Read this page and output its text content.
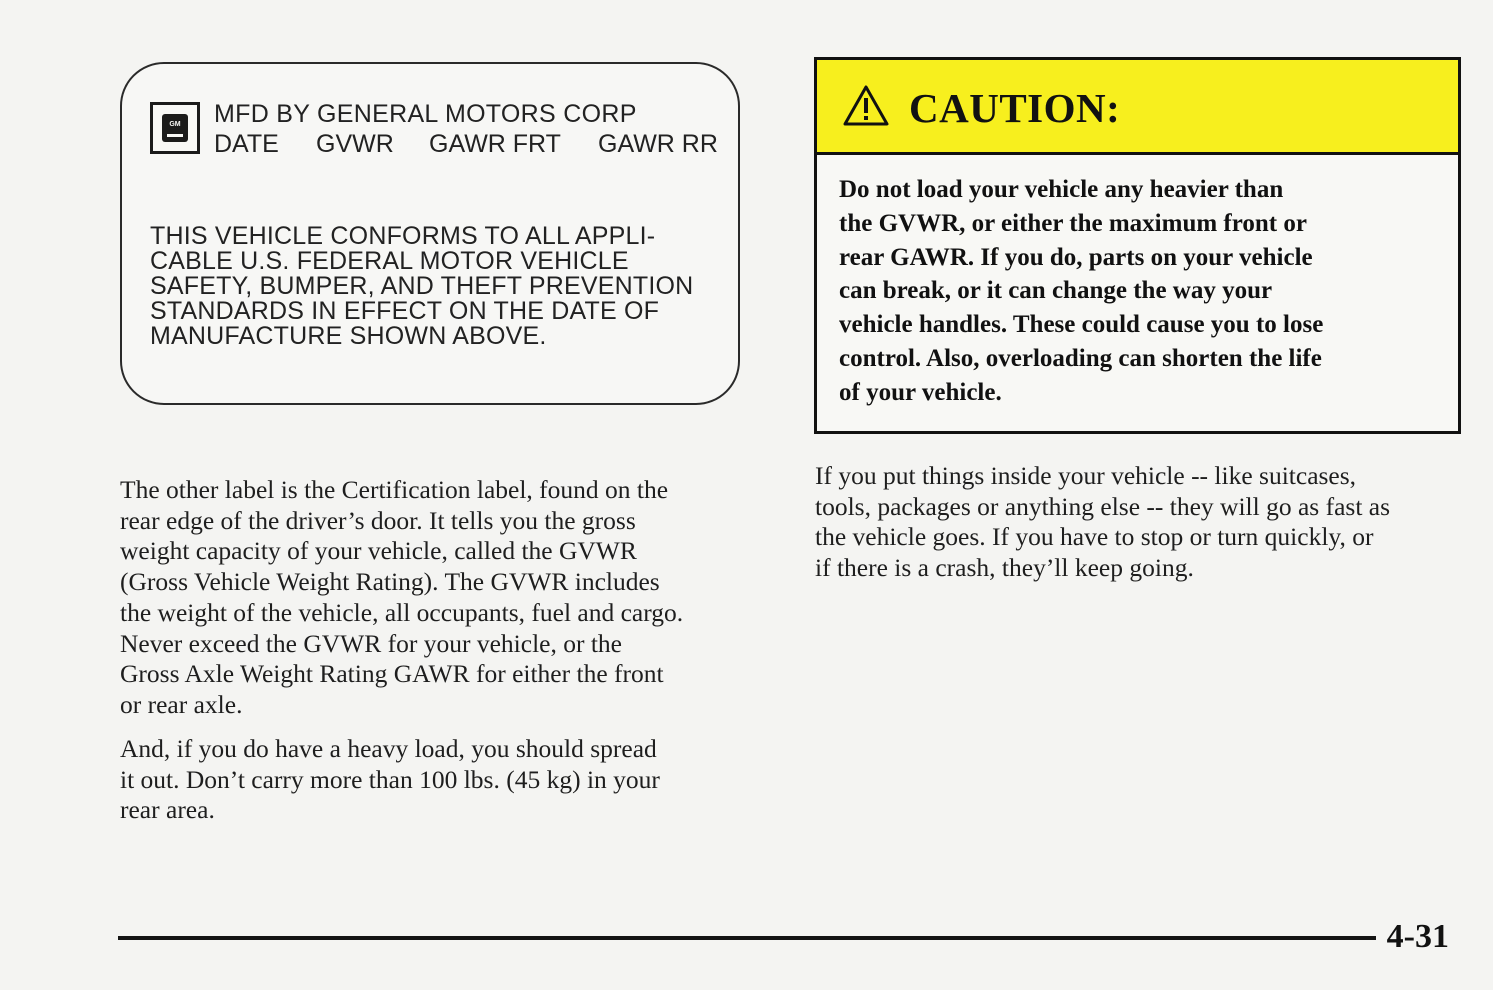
GM MFD BY GENERAL MOTORS CORP
DATE GVWR GAWR FRT GAWR RR
THIS VEHICLE CONFORMS TO ALL APPLI-
CABLE U.S. FEDERAL MOTOR VEHICLE
SAFETY, BUMPER, AND THEFT PREVENTION
STANDARDS IN EFFECT ON THE DATE OF
MANUFACTURE SHOWN ABOVE.
CAUTION:
Do not load your vehicle any heavier than
the GVWR, or either the maximum front or
rear GAWR. If you do, parts on your vehicle
can break, or it can change the way your
vehicle handles. These could cause you to lose
control. Also, overloading can shorten the life
of your vehicle.
The other label is the Certification label, found on the
rear edge of the driver’s door. It tells you the gross
weight capacity of your vehicle, called the GVWR
(Gross Vehicle Weight Rating). The GVWR includes
the weight of the vehicle, all occupants, fuel and cargo.
Never exceed the GVWR for your vehicle, or the
Gross Axle Weight Rating GAWR for either the front
or rear axle.
And, if you do have a heavy load, you should spread
it out. Don’t carry more than 100 lbs. (45 kg) in your
rear area.
If you put things inside your vehicle -- like suitcases,
tools, packages or anything else -- they will go as fast as
the vehicle goes. If you have to stop or turn quickly, or
if there is a crash, they’ll keep going.
4-31
